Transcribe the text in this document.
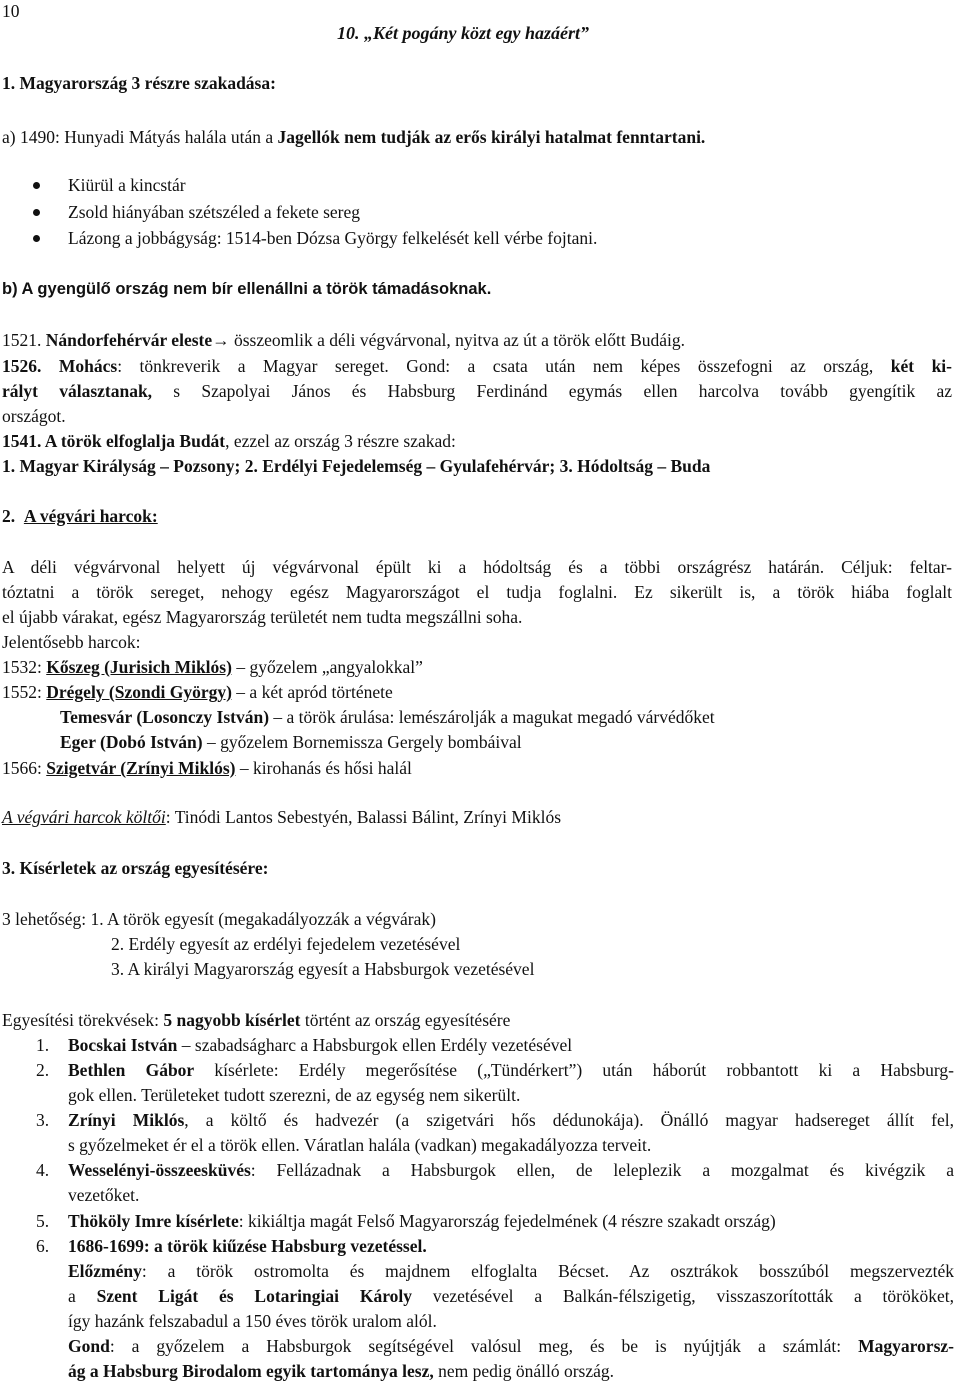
10
10. „Két pogány közt egy hazáért”
1. Magyarország 3 részre szakadása:
a) 1490: Hunyadi Mátyás halála után a Jagellók nem tudják az erős királyi hatalmat fenntartani.
Kiürül a kincstár
Zsold hiányában szétszéled a fekete sereg
Lázong a jobbágyság: 1514-ben Dózsa György felkelését kell vérbe fojtani.
b) A gyengülő ország nem bír ellenállni a török támadásoknak.
1521. Nándorfehérvár eleste→ összeomlik a déli végvárvonal, nyitva az út a török előtt Budáig.
1526. Mohács: tönkreverik a Magyar sereget. Gond: a csata után nem képes összefogni az ország, két ki-
rályt választanak, s Szapolyai János és Habsburg Ferdinánd egymás ellen harcolva tovább gyengítik az
országot.
1541. A török elfoglalja Budát, ezzel az ország 3 részre szakad:
1. Magyar Királyság – Pozsony; 2. Erdélyi Fejedelemség – Gyulafehérvár; 3. Hódoltság – Buda
2. A végvári harcok:
A déli végvárvonal helyett új végvárvonal épült ki a hódoltság és a többi országrész határán. Céljuk: feltar-
tóztatni a török sereget, nehogy egész Magyarországot el tudja foglalni. Ez sikerült is, a török hiába foglalt
el újabb várakat, egész Magyarország területét nem tudta megszállni soha.
Jelentősebb harcok:
1532: Kőszeg (Jurisich Miklós) – győzelem „angyalokkal”
1552: Drégely (Szondi György) – a két apród története
Temesvár (Losonczy István) – a török árulása: lemészárolják a magukat megadó várvédőket
Eger (Dobó István) – győzelem Bornemissza Gergely bombáival
1566: Szigetvár (Zrínyi Miklós) – kirohanás és hősi halál
A végvári harcok költői: Tinódi Lantos Sebestyén, Balassi Bálint, Zrínyi Miklós
3. Kísérletek az ország egyesítésére:
3 lehetőség: 1. A török egyesít (megakadályozzák a végvárak)
2. Erdély egyesít az erdélyi fejedelem vezetésével
3. A királyi Magyarország egyesít a Habsburgok vezetésével
Egyesítési törekvések: 5 nagyobb kísérlet történt az ország egyesítésére
1. Bocskai István – szabadságharc a Habsburgok ellen Erdély vezetésével
2. Bethlen Gábor kísérlete: Erdély megerősítése („Tündérkert”) után háborút robbantott ki a Habsburg-
gok ellen. Területeket tudott szerezni, de az egység nem sikerült.
3. Zrínyi Miklós, a költő és hadvezér (a szigetvári hős dédunokája). Önálló magyar hadsereget állít fel,
s győzelmeket ér el a török ellen. Váratlan halála (vadkan) megakadályozza terveit.
4. Wesselényi-összeesküvés: Fellázadnak a Habsburgok ellen, de leleplezik a mozgalmat és kivégzik a
vezetőket.
5. Thököly Imre kísérlete: kikiáltja magát Felső Magyarország fejedelmének (4 részre szakadt ország)
6. 1686-1699: a török kiűzése Habsburg vezetéssel.
Előzmény: a török ostromolta és majdnem elfoglalta Bécset. Az osztrákok bosszúból megszervezték
a Szent Ligát és Lotaringiai Károly vezetésével a Balkán-félszigetig, visszaszorították a törököket,
így hazánk felszabadul a 150 éves török uralom alól.
Gond: a győzelem a Habsburgok segítségével valósul meg, és be is nyújtják a számlát: Magyarorsz-
ág a Habsburg Birodalom egyik tartománya lesz, nem pedig önálló ország.
